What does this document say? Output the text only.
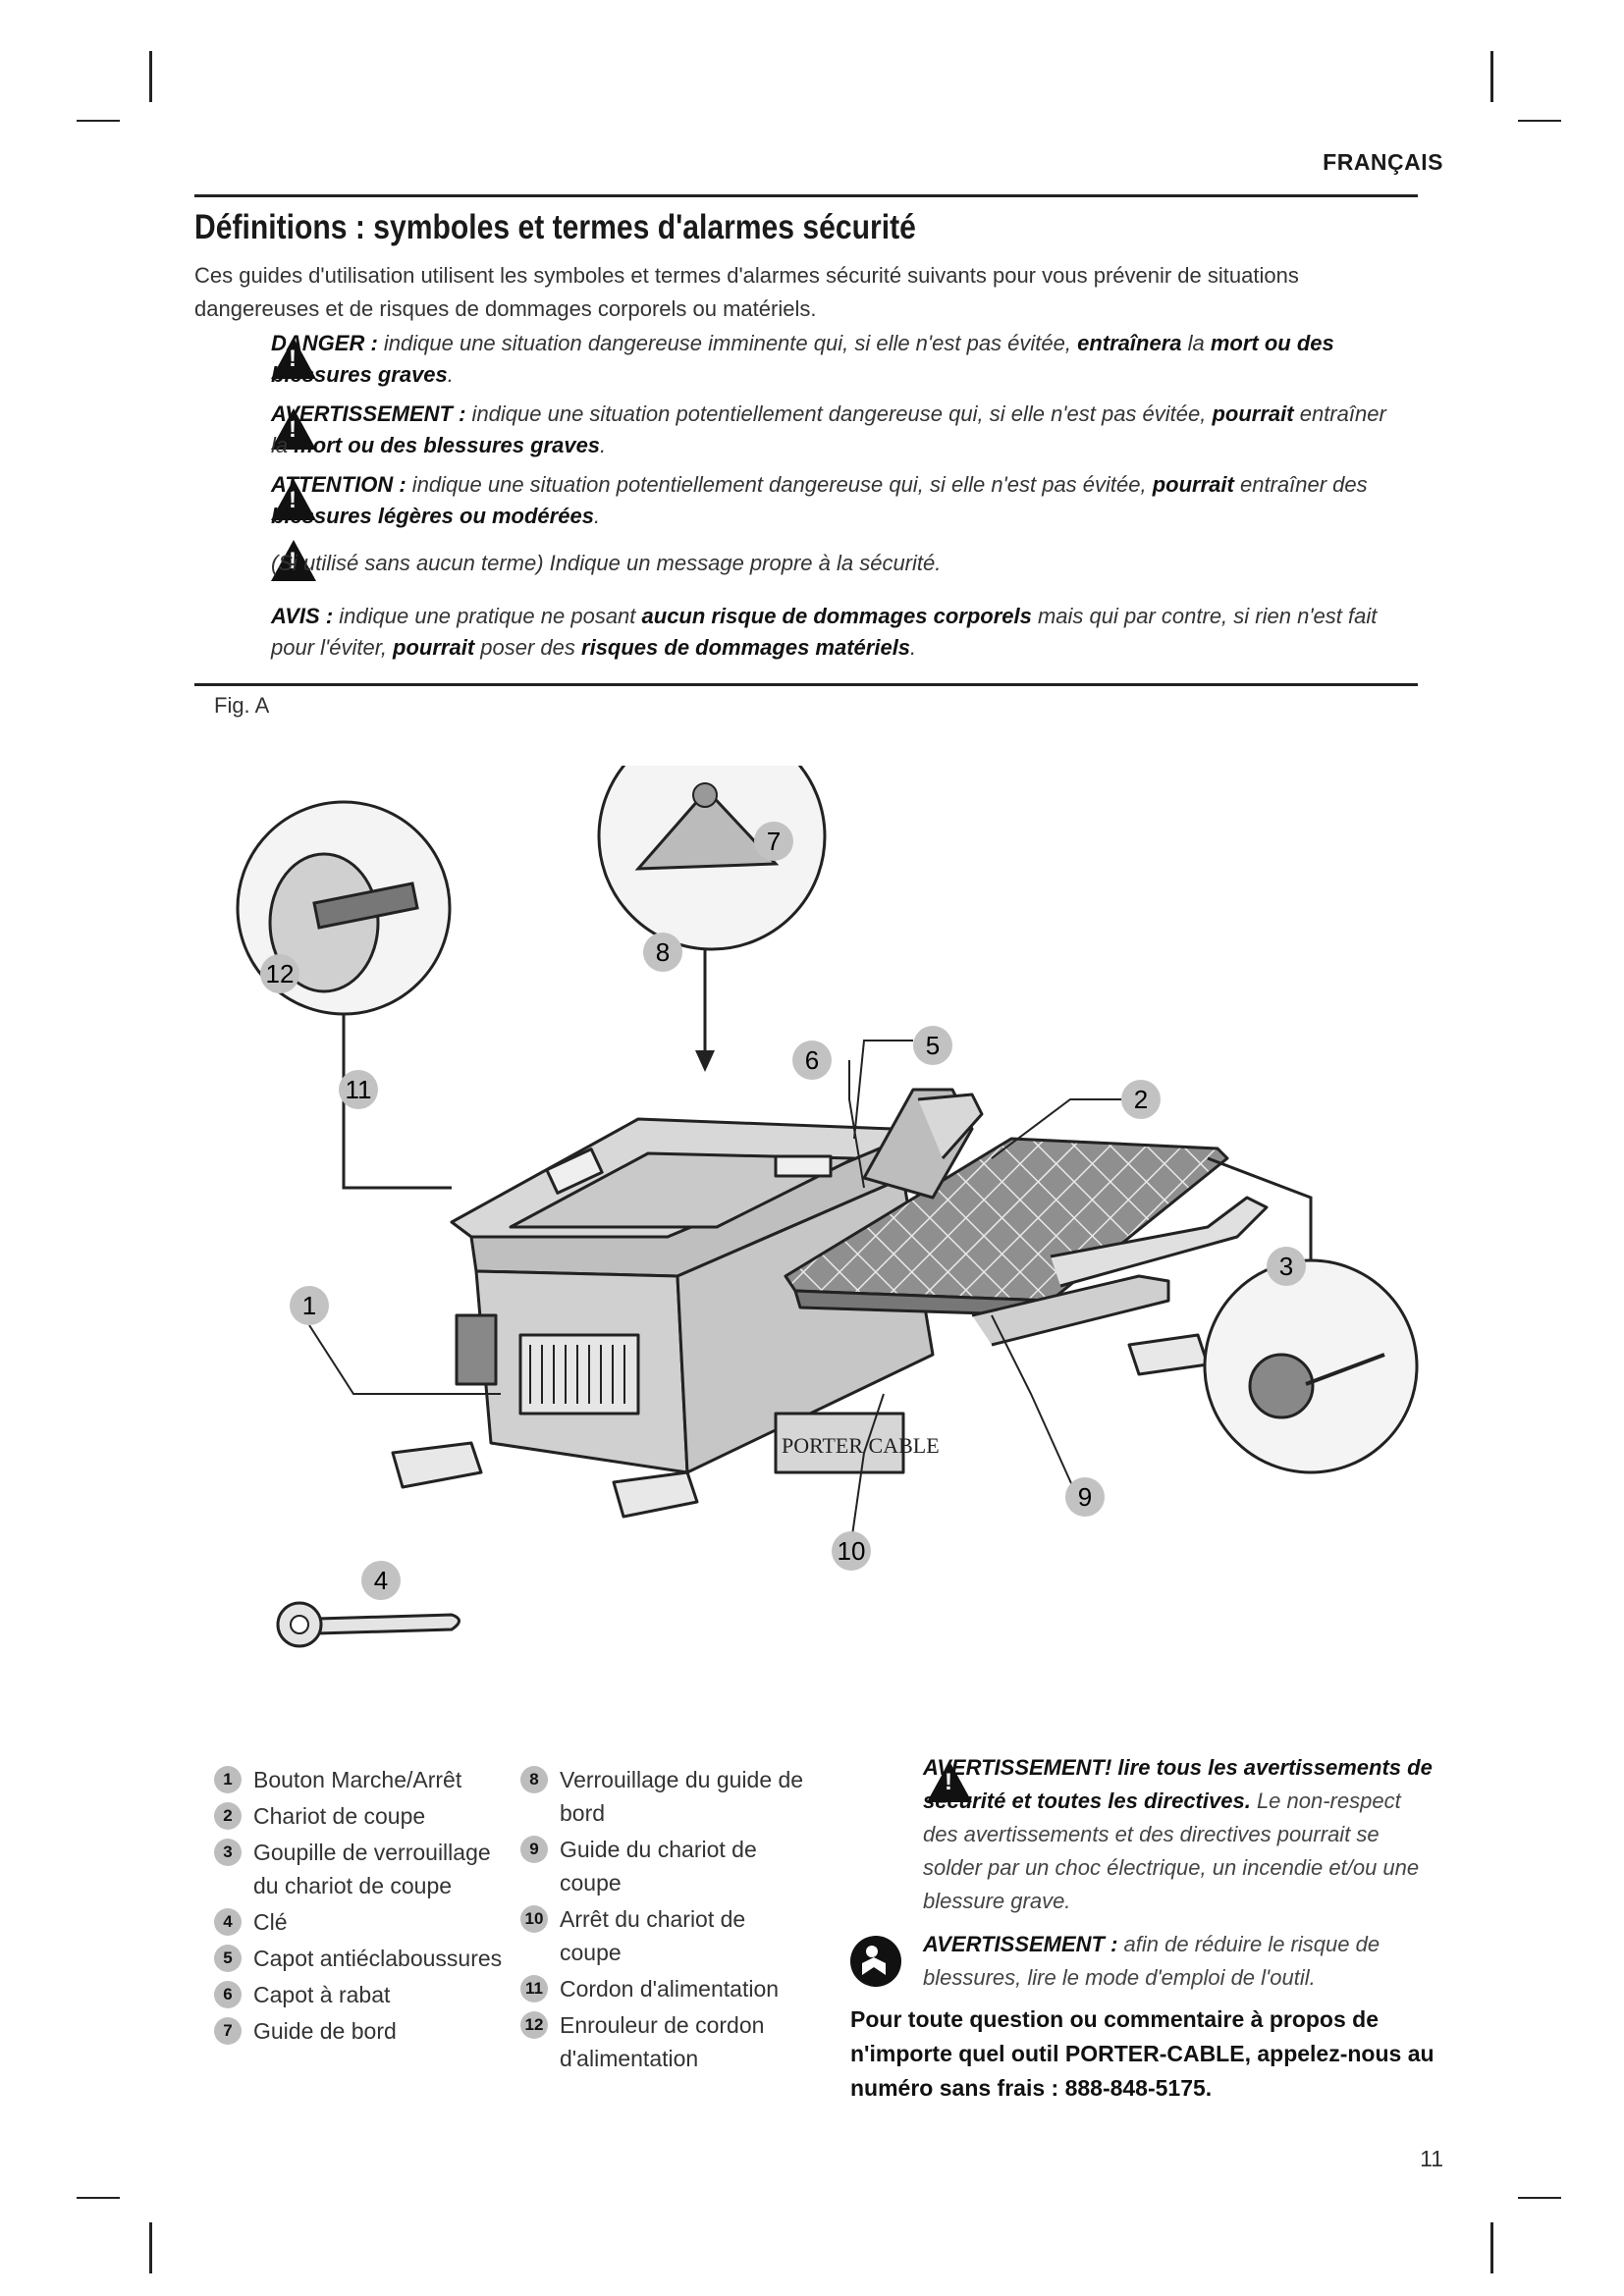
FRANÇAIS
Définitions : symboles et termes d'alarmes sécurité
Ces guides d'utilisation utilisent les symboles et termes d'alarmes sécurité suivants pour vous prévenir de situations dangereuses et de risques de dommages corporels ou matériels.
!
DANGER : indique une situation dangereuse imminente qui, si elle n'est pas évitée, entraînera la mort ou des blessures graves.
!
AVERTISSEMENT : indique une situation potentiellement dangereuse qui, si elle n'est pas évitée, pourrait entraîner la mort ou des blessures graves.
!
ATTENTION : indique une situation potentiellement dangereuse qui, si elle n'est pas évitée, pourrait entraîner des blessures légères ou modérées.
!
(Si utilisé sans aucun terme) Indique un message propre à la sécurité.
AVIS : indique une pratique ne posant aucun risque de dommages corporels mais qui par contre, si rien n'est fait pour l'éviter, pourrait poser des risques de dommages matériels.
Fig. A
PORTER CABLE
1
2
3
4
5
6
7
8
9
10
11
12
1 Bouton Marche/Arrêt
2 Chariot de coupe
3 Goupille de verrouillage du chariot de coupe
4 Clé
5 Capot antiéclaboussures
6 Capot à rabat
7 Guide de bord
8 Verrouillage du guide de bord
9 Guide du chariot de coupe
10 Arrêt du chariot de coupe
11 Cordon d'alimentation
12 Enrouleur de cordon d'alimentation
!
AVERTISSEMENT! lire tous les avertissements de sécurité et toutes les directives. Le non-respect des avertissements et des directives pourrait se solder par un choc électrique, un incendie et/ou une blessure grave.
AVERTISSEMENT : afin de réduire le risque de blessures, lire le mode d'emploi de l'outil.
Pour toute question ou commentaire à propos de n'importe quel outil PORTER-CABLE, appelez-nous au numéro sans frais : 888-848-5175.
11
